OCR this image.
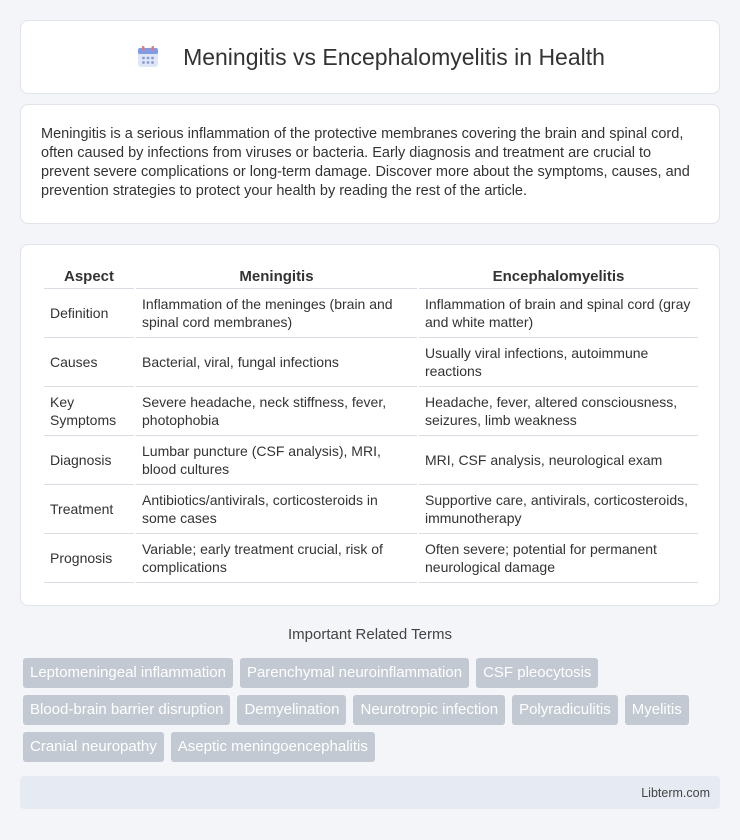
Meningitis vs Encephalomyelitis in Health

Meningitis is a serious inflammation of the protective membranes covering the brain and spinal cord, often caused by infections from viruses or bacteria. Early diagnosis and treatment are crucial to prevent severe complications or long-term damage. Discover more about the symptoms, causes, and prevention strategies to protect your health by reading the rest of the article.

Aspect	Meningitis	Encephalomyelitis
Definition	Inflammation of the meninges (brain and spinal cord membranes)	Inflammation of brain and spinal cord (gray and white matter)
Causes	Bacterial, viral, fungal infections	Usually viral infections, autoimmune reactions
Key Symptoms	Severe headache, neck stiffness, fever, photophobia	Headache, fever, altered consciousness, seizures, limb weakness
Diagnosis	Lumbar puncture (CSF analysis), MRI, blood cultures	MRI, CSF analysis, neurological exam
Treatment	Antibiotics/antivirals, corticosteroids in some cases	Supportive care, antivirals, corticosteroids, immunotherapy
Prognosis	Variable; early treatment crucial, risk of complications	Often severe; potential for permanent neurological damage
Important Related Terms
Leptomeningeal inflammation	Parenchymal neuroinflammation	CSF pleocytosis
Blood-brain barrier disruption	Demyelination	Neurotropic infection	Polyradiculitis	Myelitis
Cranial neuropathy	Aseptic meningoencephalitis
Libterm.com
